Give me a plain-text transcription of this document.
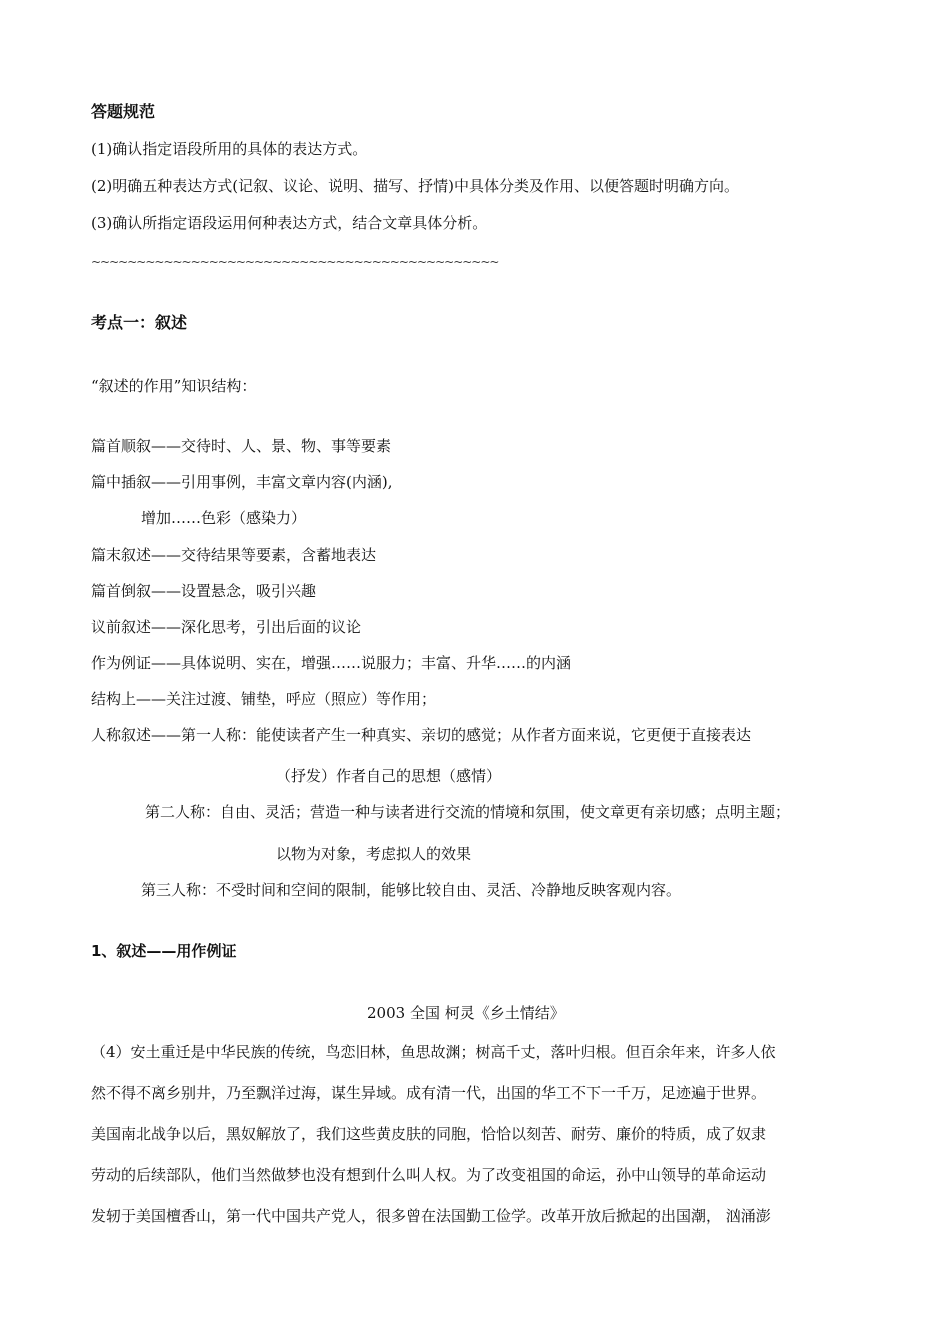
答题规范
(1)确认指定语段所用的具体的表达方式。
(2)明确五种表达方式(记叙、议论、说明、描写、抒情)中具体分类及作用、以便答题时明确方向。
(3)确认所指定语段运用何种表达方式，结合文章具体分析。
~~~~~~~~~~~~~~~~~~~~~~~~~~~~~~~~~~~~~~~~~~~~~
考点一：叙述
“叙述的作用”知识结构：
篇首顺叙——交待时、人、景、物、事等要素
篇中插叙——引用事例，丰富文章内容(内涵),
增加……色彩（感染力）
篇末叙述——交待结果等要素，含蓄地表达
篇首倒叙——设置悬念，吸引兴趣
议前叙述——深化思考，引出后面的议论
作为例证——具体说明、实在，增强……说服力；丰富、升华……的内涵
结构上——关注过渡、铺垫，呼应（照应）等作用；
人称叙述——第一人称：能使读者产生一种真实、亲切的感觉；从作者方面来说，它更便于直接表达
（抒发）作者自己的思想（感情）
第二人称：自由、灵活；营造一种与读者进行交流的情境和氛围，使文章更有亲切感；点明主题；
以物为对象，考虑拟人的效果
第三人称：不受时间和空间的限制，能够比较自由、灵活、冷静地反映客观内容。
1、叙述——用作例证
2003 全国 柯灵《乡土情结》
（4）安土重迁是中华民族的传统，鸟恋旧林，鱼思故渊；树高千丈，落叶归根。但百余年来，许多人依
然不得不离乡别井，乃至飘洋过海，谋生异域。成有清一代，出国的华工不下一千万，足迹遍于世界。
美国南北战争以后，黑奴解放了，我们这些黄皮肤的同胞，恰恰以刻苦、耐劳、廉价的特质，成了奴隶
劳动的后续部队，他们当然做梦也没有想到什么叫人权。为了改变祖国的命运，孙中山领导的革命运动
发轫于美国檀香山，第一代中国共产党人，很多曾在法国勤工俭学。改革开放后掀起的出国潮， 汹涌澎
